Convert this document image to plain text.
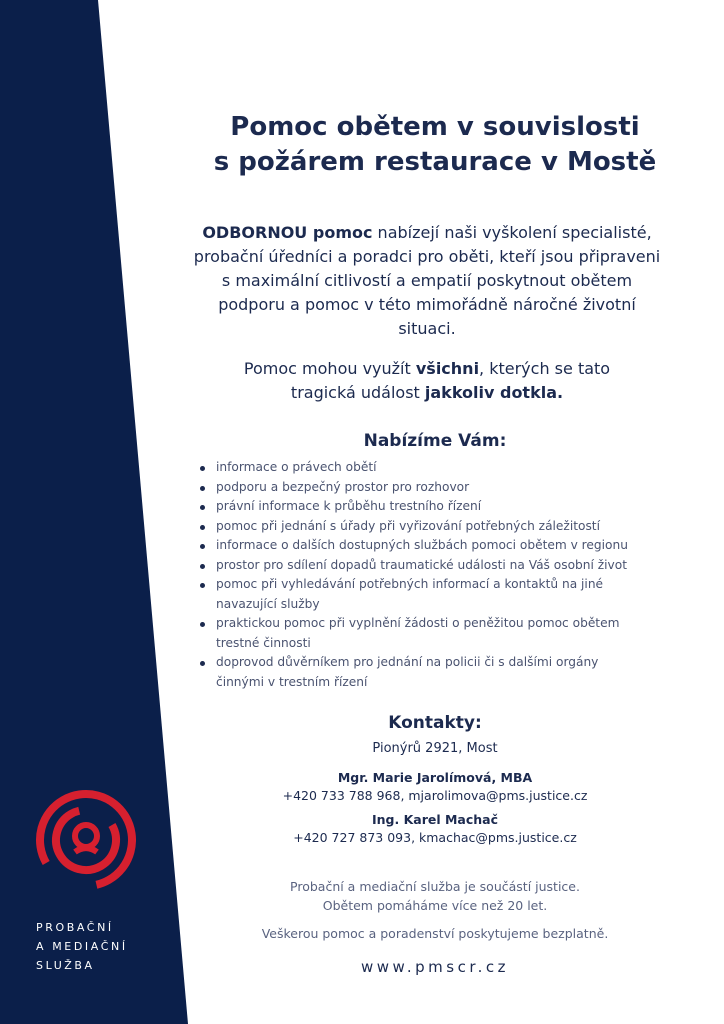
PROBAČNÍ
A MEDIAČNÍ
SLUŽBA
Pomoc obětem v souvislosti
s požárem restaurace v Mostě

ODBORNOU pomoc nabízejí naši vyškolení specialisté,
probační úředníci a poradci pro oběti, kteří jsou připraveni
s maximální citlivostí a empatií poskytnout obětem
podporu a pomoc v této mimořádně náročné životní
situaci.

Pomoc mohou využít všichni, kterých se tato
tragická událost jakkoliv dotkla.
Nabízíme Vám:
informace o právech obětí
podporu a bezpečný prostor pro rozhovor
právní informace k průběhu trestního řízení
pomoc při jednání s úřady při vyřizování potřebných záležitostí
informace o dalších dostupných službách pomoci obětem v regionu
prostor pro sdílení dopadů traumatické události na Váš osobní život
pomoc při vyhledávání potřebných informací a kontaktů na jiné
navazující služby
praktickou pomoc při vyplnění žádosti o peněžitou pomoc obětem
trestné činnosti
doprovod důvěrníkem pro jednání na policii či s dalšími orgány
činnými v trestním řízení
Kontakty:
Pionýrů 2921, Most
Mgr. Marie Jarolímová, MBA
+420 733 788 968, mjarolimova@pms.justice.cz
Ing. Karel Machač
+420 727 873 093, kmachac@pms.justice.cz
Probační a mediační služba je součástí justice.
Obětem pomáháme více než 20 let.
Veškerou pomoc a poradenství poskytujeme bezplatně.
www.pmscr.cz
